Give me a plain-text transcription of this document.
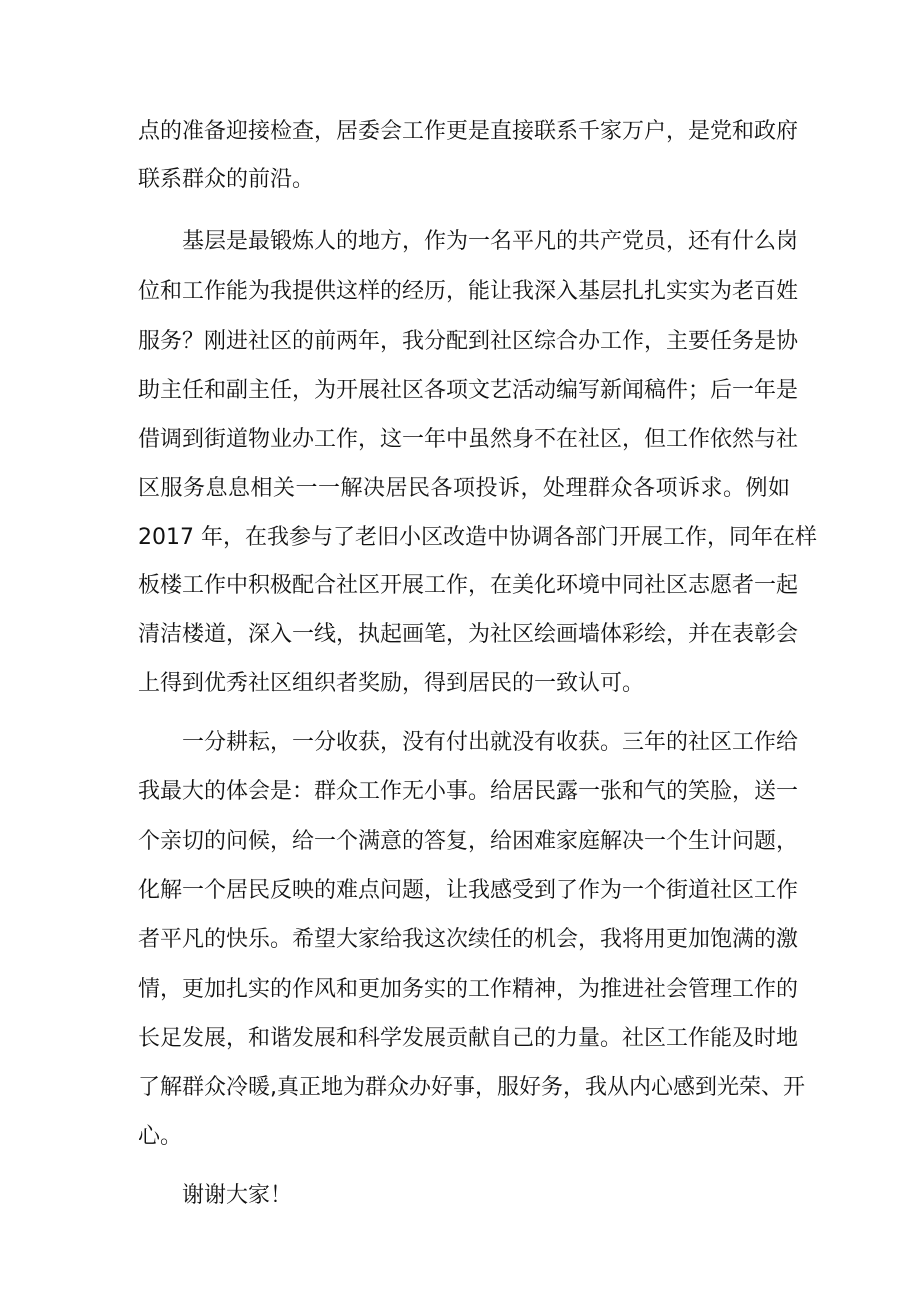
点的准备迎接检查，居委会工作更是直接联系千家万户，是党和政府
联系群众的前沿。
基层是最锻炼人的地方，作为一名平凡的共产党员，还有什么岗
位和工作能为我提供这样的经历，能让我深入基层扎扎实实为老百姓
服务？刚进社区的前两年，我分配到社区综合办工作，主要任务是协
助主任和副主任，为开展社区各项文艺活动编写新闻稿件；后一年是
借调到街道物业办工作，这一年中虽然身不在社区，但工作依然与社
区服务息息相关一一解决居民各项投诉，处理群众各项诉求。例如
2017 年，在我参与了老旧小区改造中协调各部门开展工作，同年在样
板楼工作中积极配合社区开展工作，在美化环境中同社区志愿者一起
清洁楼道，深入一线，执起画笔，为社区绘画墙体彩绘，并在表彰会
上得到优秀社区组织者奖励，得到居民的一致认可。
一分耕耘，一分收获，没有付出就没有收获。三年的社区工作给
我最大的体会是：群众工作无小事。给居民露一张和气的笑脸，送一
个亲切的问候，给一个满意的答复，给困难家庭解决一个生计问题，
化解一个居民反映的难点问题，让我感受到了作为一个街道社区工作
者平凡的快乐。希望大家给我这次续任的机会，我将用更加饱满的激
情，更加扎实的作风和更加务实的工作精神，为推进社会管理工作的
长足发展，和谐发展和科学发展贡献自己的力量。社区工作能及时地
了解群众冷暖,真正地为群众办好事，服好务，我从内心感到光荣、开
心。
谢谢大家！
